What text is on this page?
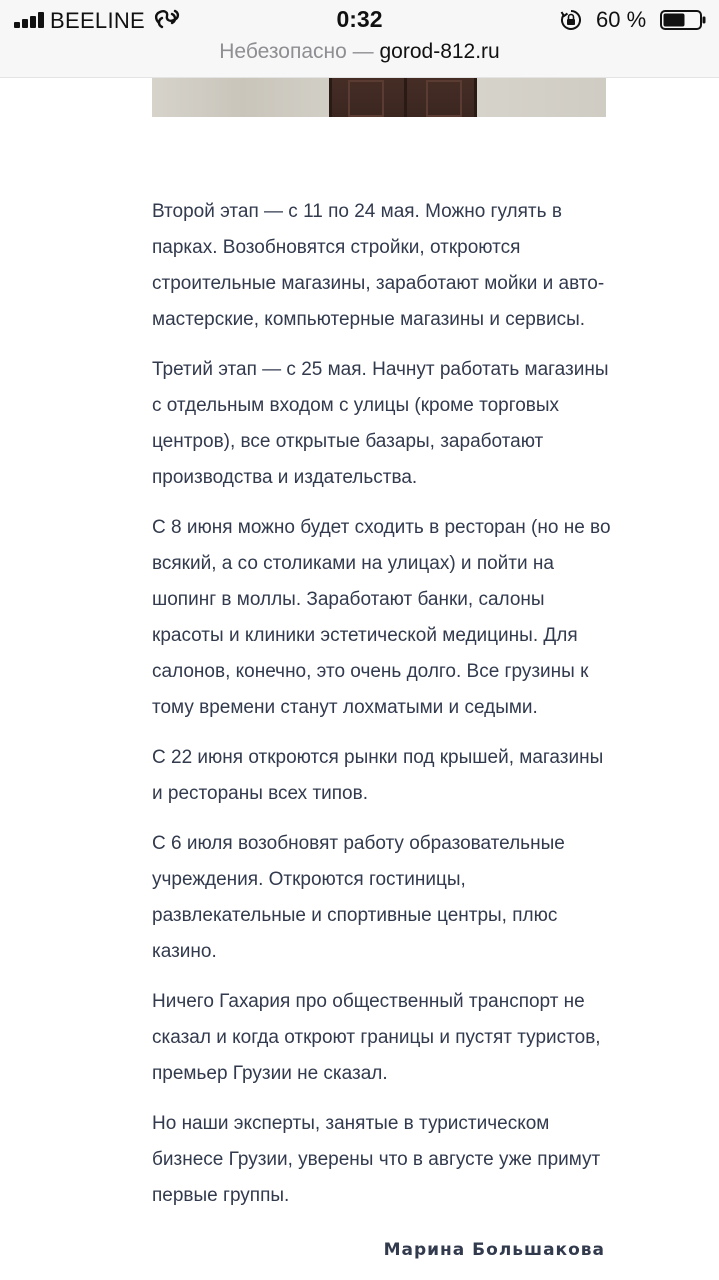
BEELINE	0:32	60 %
Небезопасно — gorod-812.ru

Второй этап — с 11 по 24 мая. Можно гулять в парках. Возобновятся стройки, откроются строительные магазины, заработают мойки и авто-мастерские, компьютерные магазины и сервисы.

Третий этап — с 25 мая. Начнут работать магазины с отдельным входом с улицы (кроме торговых центров), все открытые базары, заработают производства и издательства.

С 8 июня можно будет сходить в ресторан (но не во всякий, а со столиками на улицах) и пойти на шопинг в моллы. Заработают банки, салоны красоты и клиники эстетической медицины. Для салонов, конечно, это очень долго. Все грузины к тому времени станут лохматыми и седыми.

С 22 июня откроются рынки под крышей, магазины и рестораны всех типов.

С 6 июля возобновят работу образовательные учреждения. Откроются гостиницы, развлекательные и спортивные центры, плюс казино.

Ничего Гахария про общественный транспорт не сказал и когда откроют границы и пустят туристов, премьер Грузии не сказал.

Но наши эксперты, занятые в туристическом бизнесе Грузии, уверены что в августе уже примут первые группы.

Марина Большакова
